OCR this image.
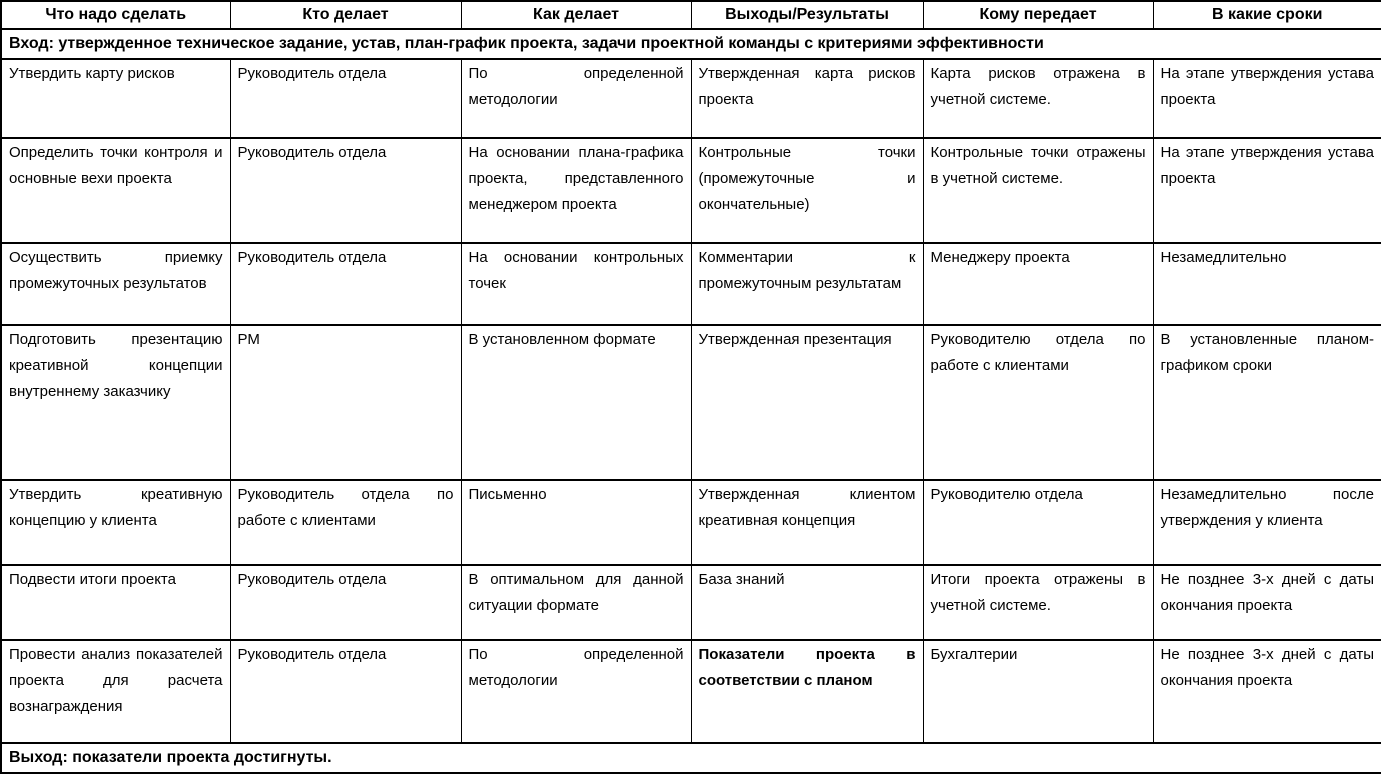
Что надо сделать	Кто делает	Как делает	Выходы/Результаты	Кому передает	В какие сроки
Вход: утвержденное техническое задание, устав, план-график проекта, задачи проектной команды с критериями эффективности					
Утвердить карту рисков	Руководитель отдела	По определенной методологии	Утвержденная карта рисков проекта	Карта рисков отражена в учетной системе.	На этапе утверждения устава проекта
Определить точки контроля и основные вехи проекта	Руководитель отдела	На основании плана-графика проекта, представленного менеджером проекта	Контрольные точки (промежуточные и окончательные)	Контрольные точки отражены в учетной системе.	На этапе утверждения устава проекта
Осуществить приемку промежуточных результатов	Руководитель отдела	На основании контрольных точек	Комментарии к промежуточным результатам	Менеджеру проекта	Незамедлительно
Подготовить презентацию креативной концепции внутреннему заказчику	РМ	В установленном формате	Утвержденная презентация	Руководителю отдела по работе с клиентами	В установленные планом-графиком сроки
Утвердить креативную концепцию у клиента	Руководитель отдела по работе с клиентами	Письменно	Утвержденная клиентом креативная концепция	Руководителю отдела	Незамедлительно после утверждения у клиента
Подвести итоги проекта	Руководитель отдела	В оптимальном для данной ситуации формате	База знаний	Итоги проекта отражены в учетной системе.	Не позднее 3-х дней с даты окончания проекта
Провести анализ показателей проекта для расчета вознаграждения	Руководитель отдела	По определенной методологии	Показатели проекта в соответствии с планом	Бухгалтерии	Не позднее 3-х дней с даты окончания проекта
Выход: показатели проекта достигнуты.					
